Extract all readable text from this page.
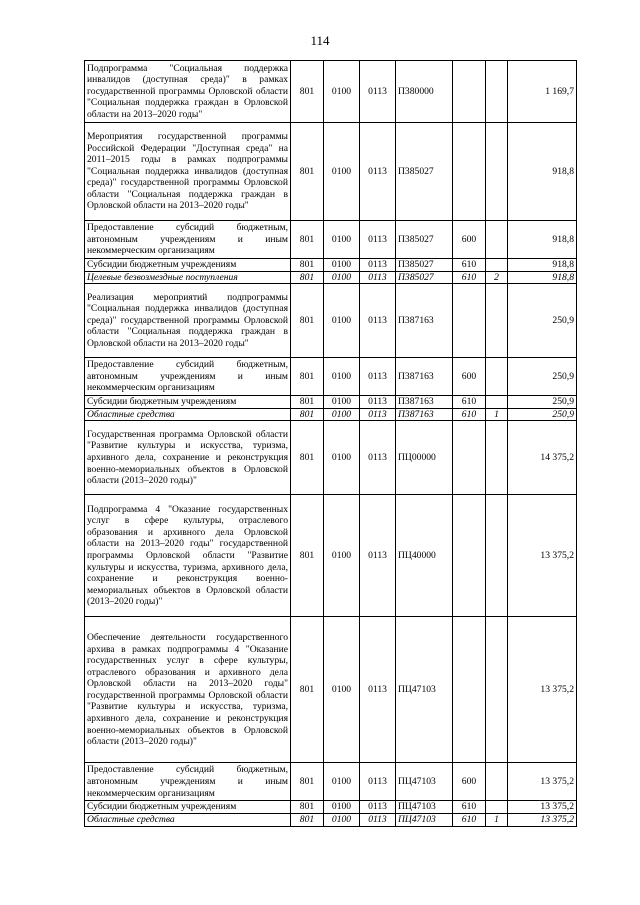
114
Подпрограмма "Социальная поддержка инвалидов (доступная среда)" в рамках государственной программы Орловской области "Социальная поддержка граждан в Орловской области на 2013–2020 годы"	801	0100	0113	П380000			1 169,7
Мероприятия государственной программы Российской Федерации "Доступная среда" на 2011–2015 годы в рамках подпрограммы "Социальная поддержка инвалидов (доступная среда)" государственной программы Орловской области "Социальная поддержка граждан в Орловской области на 2013–2020 годы"	801	0100	0113	П385027			918,8
Предоставление субсидий бюджетным, автономным учреждениям и иным некоммерческим организациям	801	0100	0113	П385027	600		918,8
Субсидии бюджетным учреждениям	801	0100	0113	П385027	610		918,8
Целевые безвозмездные поступления	801	0100	0113	П385027	610	2	918,8
Реализация мероприятий подпрограммы "Социальная поддержка инвалидов (доступная среда)" государственной программы Орловской области "Социальная поддержка граждан в Орловской области на 2013–2020 годы"	801	0100	0113	П387163			250,9
Предоставление субсидий бюджетным, автономным учреждениям и иным некоммерческим организациям	801	0100	0113	П387163	600		250,9
Субсидии бюджетным учреждениям	801	0100	0113	П387163	610		250,9
Областные средства	801	0100	0113	П387163	610	1	250,9
Государственная программа Орловской области "Развитие культуры и искусства, туризма, архивного дела, сохранение и реконструкция военно-мемориальных объектов в Орловской области (2013–2020 годы)"	801	0100	0113	ПЦ00000			14 375,2
Подпрограмма 4 "Оказание государственных услуг в сфере культуры, отраслевого образования и архивного дела Орловской области на 2013–2020 годы" государственной программы Орловской области "Развитие культуры и искусства, туризма, архивного дела, сохранение и реконструкция военно-мемориальных объектов в Орловской области (2013–2020 годы)"	801	0100	0113	ПЦ40000			13 375,2
Обеспечение деятельности государственного архива в рамках подпрограммы 4 "Оказание государственных услуг в сфере культуры, отраслевого образования и архивного дела Орловской области на 2013–2020 годы" государственной программы Орловской области "Развитие культуры и искусства, туризма, архивного дела, сохранение и реконструкция военно-мемориальных объектов в Орловской области (2013–2020 годы)"	801	0100	0113	ПЦ47103			13 375,2
Предоставление субсидий бюджетным, автономным учреждениям и иным некоммерческим организациям	801	0100	0113	ПЦ47103	600		13 375,2
Субсидии бюджетным учреждениям	801	0100	0113	ПЦ47103	610		13 375,2
Областные средства	801	0100	0113	ПЦ47103	610	1	13 375,2
